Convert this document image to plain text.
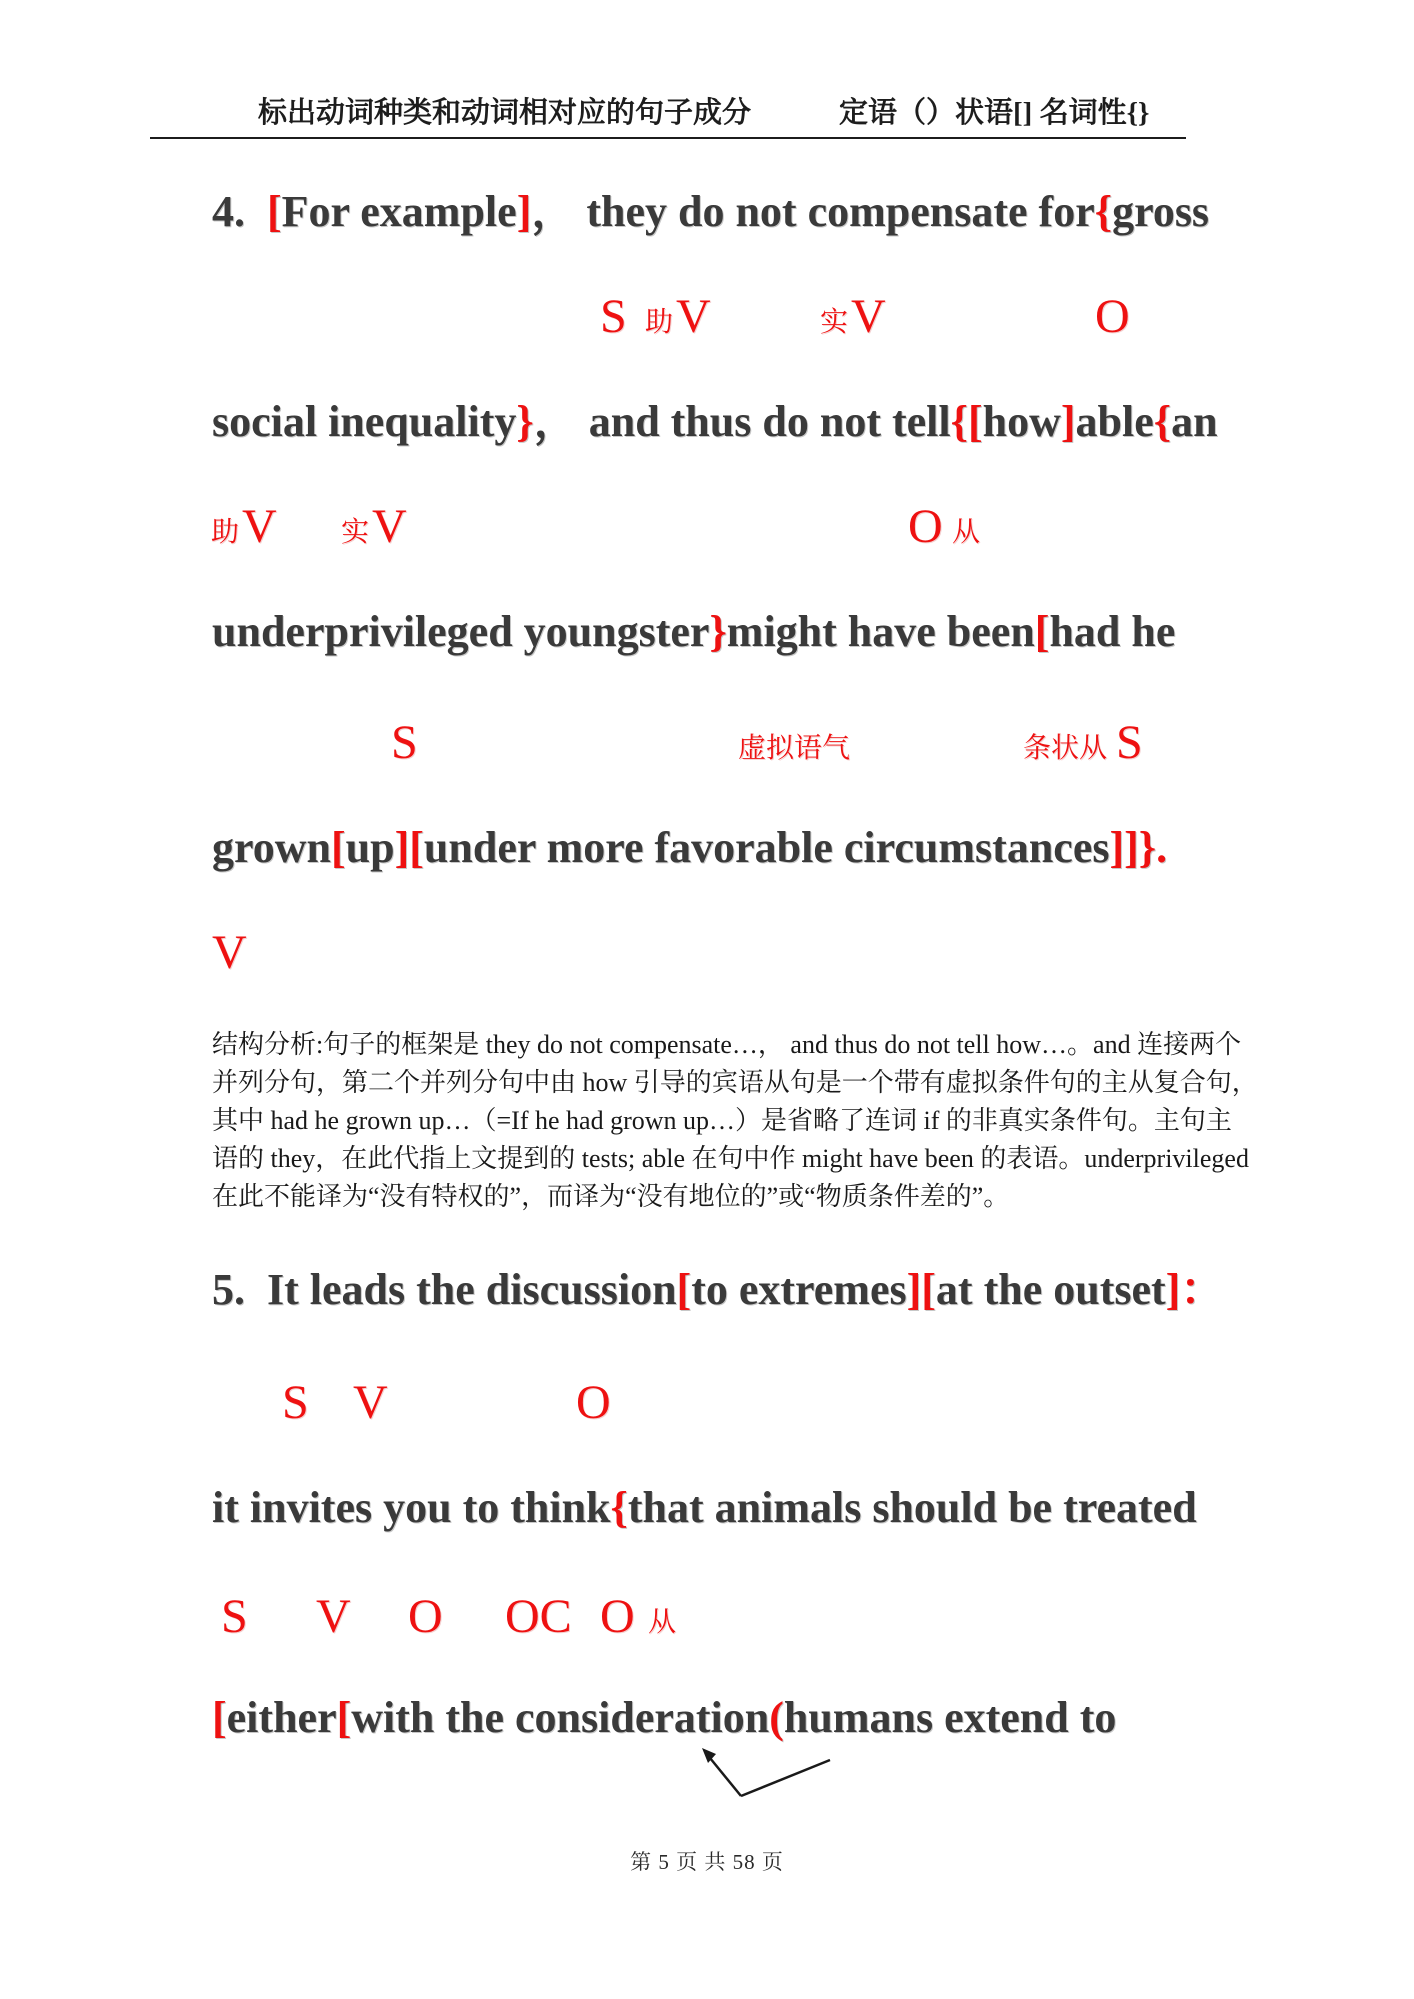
标出动词种类和动词相对应的句子成分	定语（）状语[] 名词性{}
4.  [For example]， they do not compensate for{gross
social inequality}， and thus do not tell{[how]able{an
underprivileged youngster}might have been[had he
grown[up][under more favorable circumstances]]}.
5.  It leads the discussion[to extremes][at the outset]：
it invites you to think{that animals should be treated
[either[with the consideration(humans extend to
S 助 V	实 V	O
助 V 实 V	O 从
S	虚拟语气	条状从 S
V
S V	O
S V O OC O 从
结构分析:句子的框架是 they do not compensate…， and thus do not tell how…。and 连接两个
并列分句，第二个并列分句中由 how 引导的宾语从句是一个带有虚拟条件句的主从复合句，
其中 had he grown up…（=If he had grown up…）是省略了连词 if 的非真实条件句。主句主
语的 they，在此代指上文提到的 tests; able 在句中作 might have been 的表语。underprivileged
在此不能译为“没有特权的”，而译为“没有地位的”或“物质条件差的”。
第 5 页 共 58 页
